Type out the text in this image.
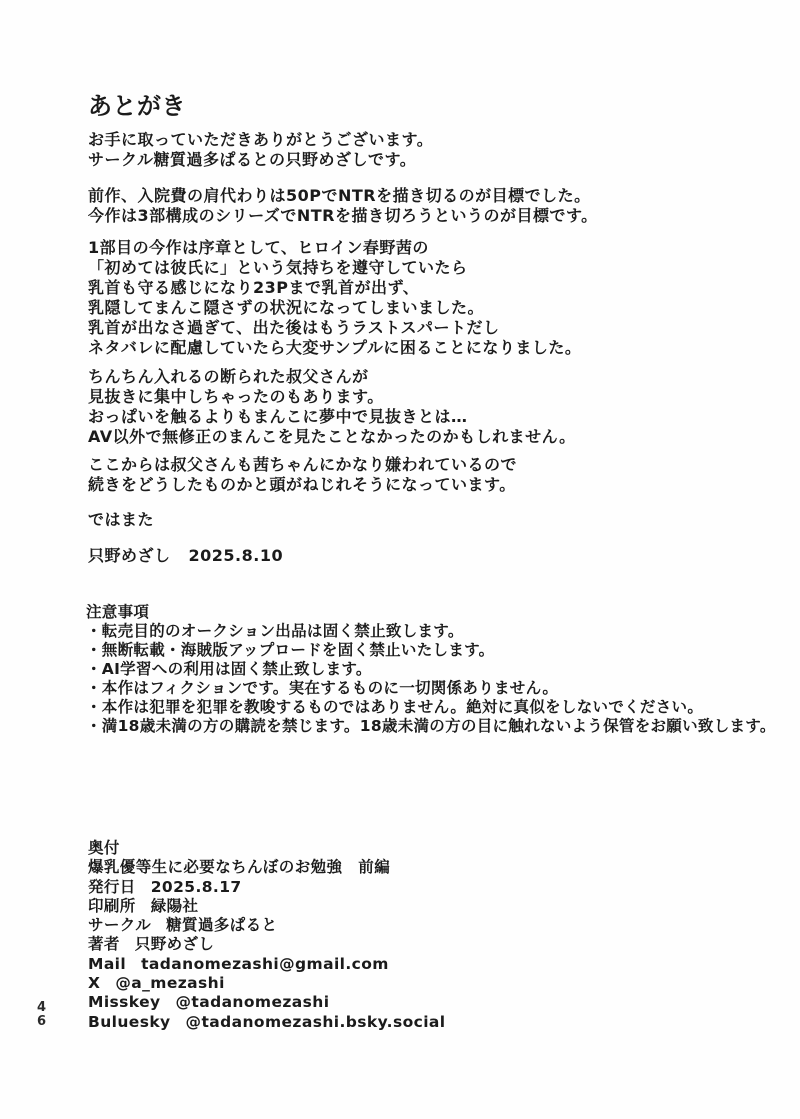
あとがき

お手に取っていただきありがとうございます。
サークル糖質過多ぱるとの只野めざしです。

前作、入院費の肩代わりは50PでNTRを描き切るのが目標でした。
今作は3部構成のシリーズでNTRを描き切ろうというのが目標です。

1部目の今作は序章として、ヒロイン春野茜の
「初めては彼氏に」という気持ちを遵守していたら
乳首も守る感じになり23Pまで乳首が出ず、
乳隠してまんこ隠さずの状況になってしまいました。
乳首が出なさ過ぎて、出た後はもうラストスパートだし
ネタバレに配慮していたら大変サンプルに困ることになりました。

ちんちん入れるの断られた叔父さんが
見抜きに集中しちゃったのもあります。
おっぱいを触るよりもまんこに夢中で見抜きとは…
AV以外で無修正のまんこを見たことなかったのかもしれません。

ここからは叔父さんも茜ちゃんにかなり嫌われているので
続きをどうしたものかと頭がねじれそうになっています。

ではまた

只野めざし 2025.8.10

注意事項
・転売目的のオークション出品は固く禁止致します。
・無断転載・海賊版アップロードを固く禁止いたします。
・AI学習への利用は固く禁止致します。
・本作はフィクションです。実在するものに一切関係ありません。
・本作は犯罪を犯罪を教唆するものではありません。絶対に真似をしないでください。
・満18歳未満の方の購読を禁じます。18歳未満の方の目に触れないよう保管をお願い致します。
奥付
爆乳優等生に必要なちんぼのお勉強　前編
発行日 2025.8.17
印刷所 緑陽社
サークル 糖質過多ぱると
著者 只野めざし
Mail tadanomezashi@gmail.com
X @a_mezashi
Misskey @tadanomezashi
Buluesky @tadanomezashi.bsky.social
4
6
